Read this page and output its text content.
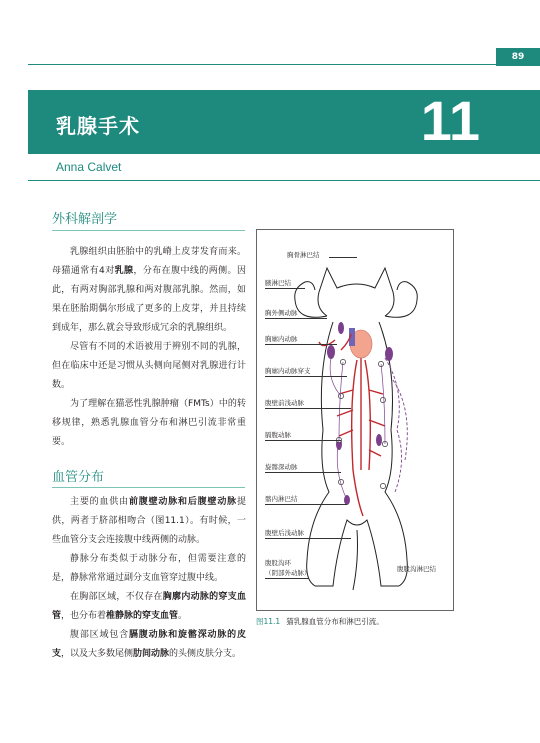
89
乳腺手术	11
Anna Calvet
外科解剖学

乳腺组织由胚胎中的乳嵴上皮芽发育而来。母猫通常有4对乳腺，分布在腹中线的两侧。因此，有两对胸部乳腺和两对腹部乳腺。然而，如果在胚胎期偶尔形成了更多的上皮芽，并且持续到成年，那么就会导致形成冗余的乳腺组织。

尽管有不同的术语被用于辨别不同的乳腺，但在临床中还是习惯从头侧向尾侧对乳腺进行计数。

为了理解在猫恶性乳腺肿瘤（FMTs）中的转移规律，熟悉乳腺血管分布和淋巴引流非常重要。

血管分布

主要的血供由前腹壁动脉和后腹壁动脉提供，两者于脐部相吻合（图11.1）。有时候，一些血管分支会连接腹中线两侧的动脉。

静脉分布类似于动脉分布，但需要注意的是，静脉常常通过副分支血管穿过腹中线。

在胸部区域，不仅存在胸廓内动脉的穿支血管，也分布着椎静脉的穿支血管。

腹部区域包含膈腹动脉和旋髂深动脉的皮支，以及大多数尾侧肋间动脉的头侧皮肤分支。

胸骨淋巴结
腋淋巴结
胸外侧动脉
胸廓内动脉
胸廓内动脉穿支
腹壁前浅动脉
膈腹动脉
旋髂深动脉
髂内淋巴结
腹壁后浅动脉
腹股沟环
（阴部外动脉）	腹股沟淋巴结
图11.1 猫乳腺血管分布和淋巴引流。
